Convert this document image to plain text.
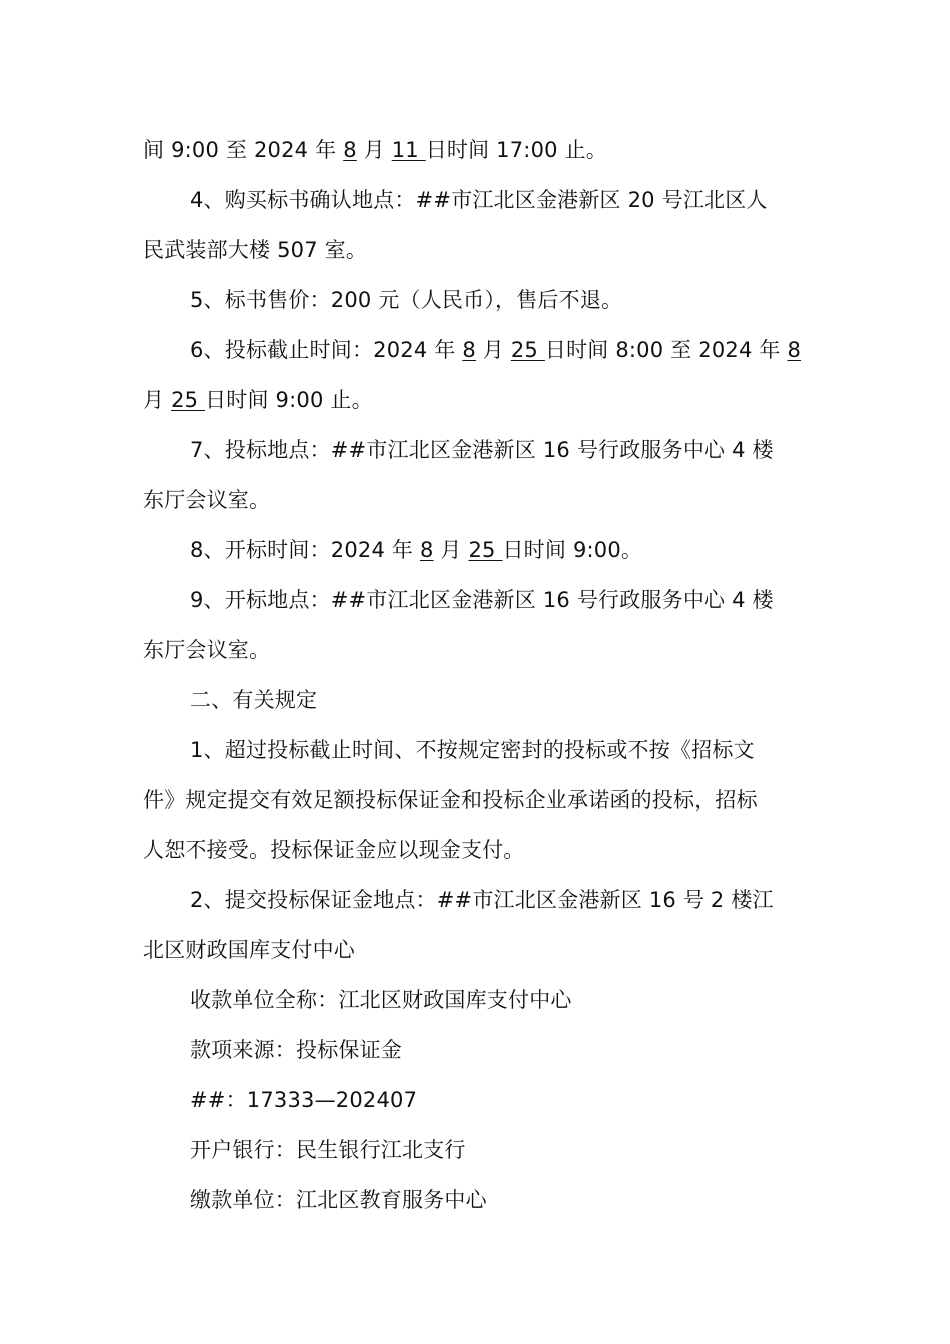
间 9:00 至 2024 年 8 月 11 日时间 17:00 止。
4、购买标书确认地点：##市江北区金港新区 20 号江北区人
民武装部大楼 507 室。
5、标书售价：200 元（人民币），售后不退。
6、投标截止时间：2024 年 8 月 25 日时间 8:00 至 2024 年 8
月 25 日时间 9:00 止。
7、投标地点：##市江北区金港新区 16 号行政服务中心 4 楼
东厅会议室。
8、开标时间：2024 年 8 月 25 日时间 9:00。
9、开标地点：##市江北区金港新区 16 号行政服务中心 4 楼
东厅会议室。
二、有关规定
1、超过投标截止时间、不按规定密封的投标或不按《招标文
件》规定提交有效足额投标保证金和投标企业承诺函的投标，招标
人恕不接受。投标保证金应以现金支付。
2、提交投标保证金地点：##市江北区金港新区 16 号 2 楼江
北区财政国库支付中心
收款单位全称：江北区财政国库支付中心
款项来源：投标保证金
##：17333—202407
开户银行：民生银行江北支行
缴款单位：江北区教育服务中心
